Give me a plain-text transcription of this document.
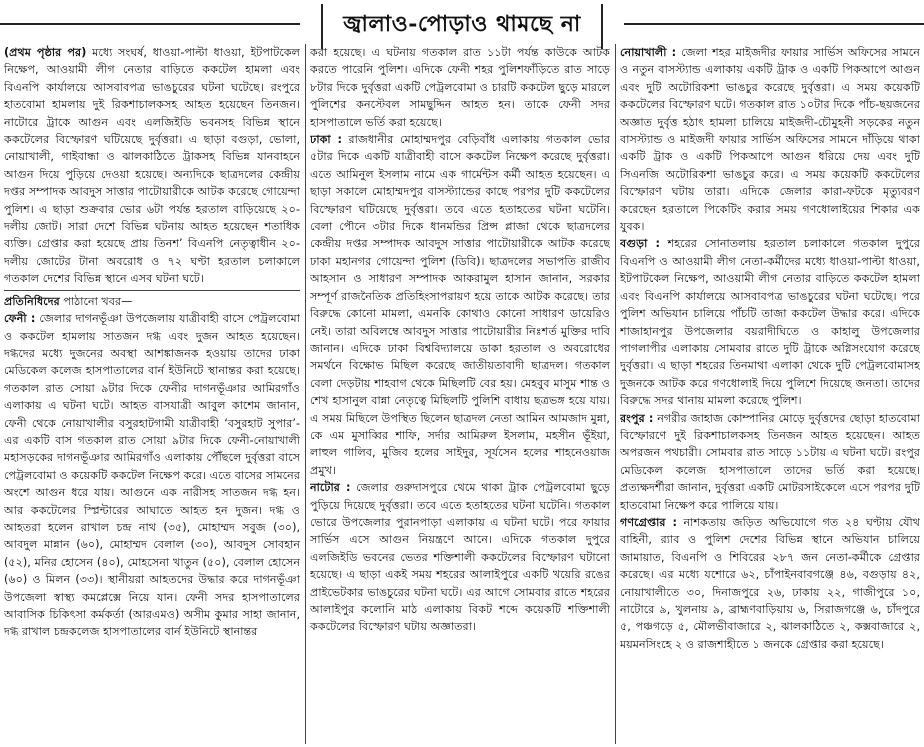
জ্বালাও-পোড়াও থামছে না

(প্রথম পৃষ্ঠার পর) মধ্যে সংঘর্ষ, ধাওয়া-পাল্টা ধাওয়া, ইটপাটকেল নিক্ষেপ, আওয়ামী লীগ নেতার বাড়িতে ককটেল হামলা এবং বিএনপি কার্যালয়ে আসবাবপত্র ভাঙচুরের ঘটনা ঘটেছে। রংপুরে হাতবোমা হামলায় দুই রিকশাচালকসহ আহত হয়েছেন তিনজন। নাটোরে ট্রাকে আগুন এবং এলজিইডি ভবনসহ বিভিন্ন স্থানে ককটেলের বিস্ফোরণ ঘটিয়েছে দুর্বৃত্তরা। এ ছাড়া বগুড়া, ভোলা, নোয়াখালী, গাইবান্ধা ও ঝালকাঠিতে ট্রাকসহ বিভিন্ন যানবাহনে আগুন দিয়ে পুড়িয়ে দেওয়া হয়েছে। অন্যদিকে ছাত্রদলের কেন্দ্রীয় দপ্তর সম্পাদক আবদুস সাত্তার পাটোয়ারীকে আটক করেছে গোয়েন্দা পুলিশ। এ ছাড়া শুক্রবার ভোর ৬টা পর্যন্ত হরতাল বাড়িয়েছে ২০-দলীয় জোট। সারা দেশে বিভিন্ন ঘটনায় আহত হয়েছেন শতাধিক ব্যক্তি। গ্রেপ্তার করা হয়েছে প্রায় তিনশ’ বিএনপি নেতৃত্বাধীন ২০-দলীয় জোটের টানা অবরোধ ও ৭২ ঘণ্টা হরতাল চলাকালে গতকাল দেশের বিভিন্ন স্থানে এসব ঘটনা ঘটে।

প্রতিনিধিদের পাঠানো খবর—

ফেনী : জেলার দাগনভূঁঞা উপজেলায় যাত্রীবাহী বাসে পেট্রলবোমা ও ককটেল হামলায় সাতজন দগ্ধ এবং দুজন আহত হয়েছেন। দগ্ধদের মধ্যে দুজনের অবস্থা আশঙ্কাজনক হওয়ায় তাদের ঢাকা মেডিকেল কলেজ হাসপাতালের বার্ন ইউনিটে স্থানান্তর করা হয়েছে। গতকাল রাত সোয়া ৯টার দিকে ফেনীর দাগনভূঁঞার আমিরগাঁও এলাকায় এ ঘটনা ঘটে। আহত বাসযাত্রী আবুল কাশেম জানান, ফেনী থেকে নোয়াখালীর বসুরহাটগামী যাত্রীবাহী ‘বসুরহাট সুপার’-এর একটি বাস গতকাল রাত সোয়া ৯টার দিকে ফেনী-নোয়াখালী মহাসড়কের দাগনভূঁঞার আমিরগাঁও এলাকায় পৌঁছলে দুর্বৃত্তরা বাসে পেট্রলবোমা ও কয়েকটি ককটেল নিক্ষেপ করে। এতে বাসের সামনের অংশে আগুন ধরে যায়। আগুনে এক নারীসহ সাতজন দগ্ধ হন। আর ককটেলের স্প্লিন্টারের আঘাতে আহত হন দুজন। দগ্ধ ও আহতরা হলেন রাখাল চন্দ্র নাথ (৩৫), মোহাম্মদ সবুজ (৩০), আবদুল মান্নান (৬০), মোহাম্মদ বেলাল (৩০), আবদুস সোবহান (৫২), মনির হোসেন (৪০), মোহসেনা খাতুন (৫০), বেলাল হোসেন (৬০) ও মিলন (৩৩)। স্থানীয়রা আহতদের উদ্ধার করে দাগনভূঁঞা উপজেলা স্বাস্থ্য কমপ্লেক্সে নিয়ে যান। ফেনী সদর হাসপাতালের আবাসিক চিকিৎসা কর্মকর্তা (আরএমও) অসীম কুমার সাহা জানান, দগ্ধ রাখাল চন্দ্রকলেজ হাসপাতালের বার্ন ইউনিটে স্থানান্তর

করা হয়েছে। এ ঘটনায় গতকাল রাত ১১টা পর্যন্ত কাউকে আটক করতে পারেনি পুলিশ। এদিকে ফেনী শহর পুলিশফাঁড়িতে রাত সাড়ে ৮টার দিকে দুর্বৃত্তরা একটি পেট্রলবোমা ও চারটি ককটেল ছুড়ে মারলে পুলিশের কনস্টেবল সামছুদ্দিন আহত হন। তাকে ফেনী সদর হাসপাতালে ভর্তি করা হয়েছে।

ঢাকা : রাজধানীর মোহাম্মদপুর বেড়িবাঁধ এলাকায় গতকাল ভোর ৫টার দিকে একটি যাত্রীবাহী বাসে ককটেল নিক্ষেপ করেছে দুর্বৃত্তরা। এতে আমিনুল ইসলাম নামে এক গার্মেন্টস কর্মী আহত হয়েছেন। এ ছাড়া সকালে মোহাম্মদপুর বাসস্ট্যান্ডের কাছে পরপর দুটি ককটেলের বিস্ফোরণ ঘটিয়েছে দুর্বৃত্তরা। তবে এতে হতাহতের ঘটনা ঘটেনি। বেলা পৌনে ৩টার দিকে ধানমন্ডির প্রিন্স প্লাজা থেকে ছাত্রদলের কেন্দ্রীয় দপ্তর সম্পাদক আবদুস সাত্তার পাটোয়ারীকে আটক করেছে ঢাকা মহানগর গোয়েন্দা পুলিশ (ডিবি)। ছাত্রদলের সভাপতি রাজীব আহসান ও সাধারণ সম্পাদক আকরামুল হাসান জানান, সরকার সম্পূর্ণ রাজনৈতিক প্রতিহিংসাপরায়ণ হয়ে তাকে আটক করেছে। তার বিরুদ্ধে কোনো মামলা, এমনকি কোথাও কোনো সাধারণ ডায়েরিও নেই। তারা অবিলম্বে আবদুস সাত্তার পাটোয়ারীর নিঃশর্ত মুক্তির দাবি জানান। এদিকে ঢাকা বিশ্ববিদ্যালয়ে ডাকা হরতাল ও অবরোধের সমর্থনে বিক্ষোভ মিছিল করেছে জাতীয়তাবাদী ছাত্রদল। গতকাল বেলা দেড়টায় শাহবাগ থেকে মিছিলটি বের হয়। মেহবুব মাসুম শান্ত ও শেখ হাসানুল বান্না নেতৃত্বে মিছিলটি পুলিশি বাধায় ছত্রভঙ্গ হয়ে যায়। এ সময় মিছিলে উপস্থিত ছিলেন ছাত্রদল নেতা আমিন আমজাদ মুন্না, কে এম মুসাব্বির শাফি, সর্দার আমিরুল ইসলাম, মহসীন ভূঁইয়া, লাহুল গালিব, মুজিব হলের সাইদুর, সূর্যসেন হলের শাহনেওয়াজ প্রমুখ।

নাটোর : জেলার গুরুদাসপুরে থেমে থাকা ট্রাক পেট্রলবোমা ছুড়ে পুড়িয়ে দিয়েছে দুর্বৃত্তরা। তবে এতে হতাহতের ঘটনা ঘটেনি। গতকাল ভোরে উপজেলার পুরানপাড়া এলাকায় এ ঘটনা ঘটে। পরে ফায়ার সার্ভিস এসে আগুন নিয়ন্ত্রণে আনে। এদিকে গতকাল দুপুরে এলজিইডি ভবনের ভেতর শক্তিশালী ককটেলের বিস্ফোরণ ঘটানো হয়েছে। এ ছাড়া একই সময় শহরের আলাইপুরে একটি খয়েরি রঙের প্রাইভেটকার ভাঙচুরের ঘটনা ঘটে। এর আগে সোমবার রাতে শহরের আলাইপুর কলোনি মাঠ এলাকায় বিকট শব্দে কয়েকটি শক্তিশালী ককটেলের বিস্ফোরণ ঘটায় অজ্ঞাতরা।

নোয়াখালী : জেলা শহর মাইজদীর ফায়ার সার্ভিস অফিসের সামনে ও নতুন বাসস্ট্যান্ড এলাকায় একটি ট্রাক ও একটি পিকআপে আগুন এবং দুটি অটোরিকশা ভাঙচুর করেছে দুর্বৃত্তরা। এ সময় কয়েকটি ককটেলের বিস্ফোরণ ঘটে। গতকাল রাত ১০টার দিকে পাঁচ-ছয়জনের অজ্ঞাত দুর্বৃত্ত হঠাৎ হামলা চালিয়ে মাইজদী-চৌমুহনী সড়কের নতুন বাসস্ট্যান্ড ও মাইজদী ফায়ার সার্ভিস অফিসের সামনে দাঁড়িয়ে থাকা একটি ট্রাক ও একটি পিকআপে আগুন ধরিয়ে দেয় এবং দুটি সিএনজি অটোরিকশা ভাঙচুর করে। এ সময় কয়েকটি ককটেলের বিস্ফোরণ ঘটায় তারা। এদিকে জেলার কারা-ফটকে মৃত্যুবরণ করেছেন হরতালে পিকেটিং করার সময় গণধোলাইয়ের শিকার এক যুবক।

বগুড়া : শহরের সোনাতলায় হরতাল চলাকালে গতকাল দুপুরে বিএনপি ও আওয়ামী লীগ নেতা-কর্মীদের মধ্যে ধাওয়া-পাল্টা ধাওয়া, ইটপাটকেল নিক্ষেপ, আওয়ামী লীগ নেতার বাড়িতে ককটেল হামলা এবং বিএনপি কার্যালয়ে আসবাবপত্র ভাঙচুরের ঘটনা ঘটেছে। পরে পুলিশ অভিযান চালিয়ে পাঁচটি তাজা ককটেল উদ্ধার করে। এদিকে শাজাহানপুর উপজেলার বয়রাদীঘিতে ও কাহালু উপজেলার পাগলাপীর এলাকায় সোমবার রাতে দুটি ট্রাকে অগ্নিসংযোগ করেছে দুর্বৃত্তরা। এ ছাড়া শহরের তিনমাথা এলাকা থেকে দুটি পেট্রলবোমাসহ দুজনকে আটক করে গণধোলাই দিয়ে পুলিশে দিয়েছে জনতা। তাদের বিরুদ্ধে সদর থানায় মামলা করেছে পুলিশ।

রংপুর : নগরীর জাহাজ কোম্পানির মোড়ে দুর্বৃত্তদের ছোড়া হাতবোমা বিস্ফোরণে দুই রিকশাচালকসহ তিনজন আহত হয়েছেন। আহত অপরজন পথচারী। সোমবার রাত সাড়ে ১১টায় এ ঘটনা ঘটে। রংপুর মেডিকেল কলেজ হাসপাতালে তাদের ভর্তি করা হয়েছে। প্রত্যক্ষদর্শীরা জানান, দুর্বৃত্তরা একটি মোটরসাইকেলে এসে পরপর দুটি হাতবোমা নিক্ষেপ করে পালিয়ে যায়।

গণগ্রেপ্তার : নাশকতায় জড়িত অভিযোগে গত ২৪ ঘণ্টায় যৌথ বাহিনী, র‌্যাব ও পুলিশ দেশের বিভিন্ন স্থানে অভিযান চালিয়ে জামায়াত, বিএনপি ও শিবিরের ২৮৭ জন নেতা-কর্মীকে গ্রেপ্তার করেছে। এর মধ্যে যশোরে ৬২, চাঁপাইনবাবগঞ্জে ৪৬, বগুড়ায় ৪২, নোয়াখালীতে ৩০, দিনাজপুরে ২৬, ঢাকায় ২২, গাজীপুরে ১০, নাটোরে ৯, খুলনায় ৯, ব্রাহ্মণবাড়িয়ায় ৬, সিরাজগঞ্জে ৬, চাঁদপুরে ৫, পঞ্চগড়ে ৫, মৌলভীবাজারে ২, ঝালকাঠিতে ২, কক্সবাজারে ২, ময়মনসিংহে ২ ও রাজশাহীতে ১ জনকে গ্রেপ্তার করা হয়েছে।
